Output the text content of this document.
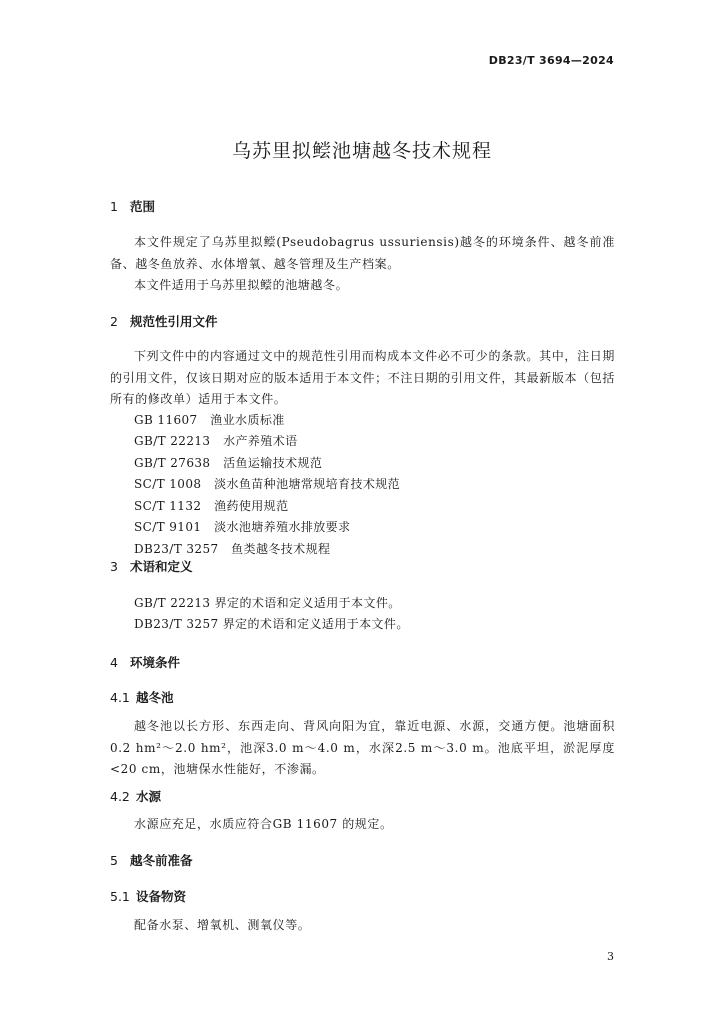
DB23/T 3694—2024
乌苏里拟鲿池塘越冬技术规程
1 范围
本文件规定了乌苏里拟鲿(Pseudobagrus ussuriensis)越冬的环境条件、越冬前准备、越冬鱼放养、水体增氧、越冬管理及生产档案。
本文件适用于乌苏里拟鲿的池塘越冬。
2 规范性引用文件
下列文件中的内容通过文中的规范性引用而构成本文件必不可少的条款。其中，注日期的引用文件，仅该日期对应的版本适用于本文件；不注日期的引用文件，其最新版本（包括所有的修改单）适用于本文件。
GB 11607 渔业水质标准
GB/T 22213 水产养殖术语
GB/T 27638 活鱼运输技术规范
SC/T 1008 淡水鱼苗种池塘常规培育技术规范
SC/T 1132 渔药使用规范
SC/T 9101 淡水池塘养殖水排放要求
DB23/T 3257 鱼类越冬技术规程
3 术语和定义
GB/T 22213 界定的术语和定义适用于本文件。
DB23/T 3257 界定的术语和定义适用于本文件。
4 环境条件
4.1 越冬池
越冬池以长方形、东西走向、背风向阳为宜，靠近电源、水源，交通方便。池塘面积0.2 hm²～2.0 hm²，池深3.0 m～4.0 m，水深2.5 m～3.0 m。池底平坦，淤泥厚度<20 cm，池塘保水性能好，不渗漏。
4.2 水源
水源应充足，水质应符合GB 11607 的规定。
5 越冬前准备
5.1 设备物资
配备水泵、增氧机、测氧仪等。
3
